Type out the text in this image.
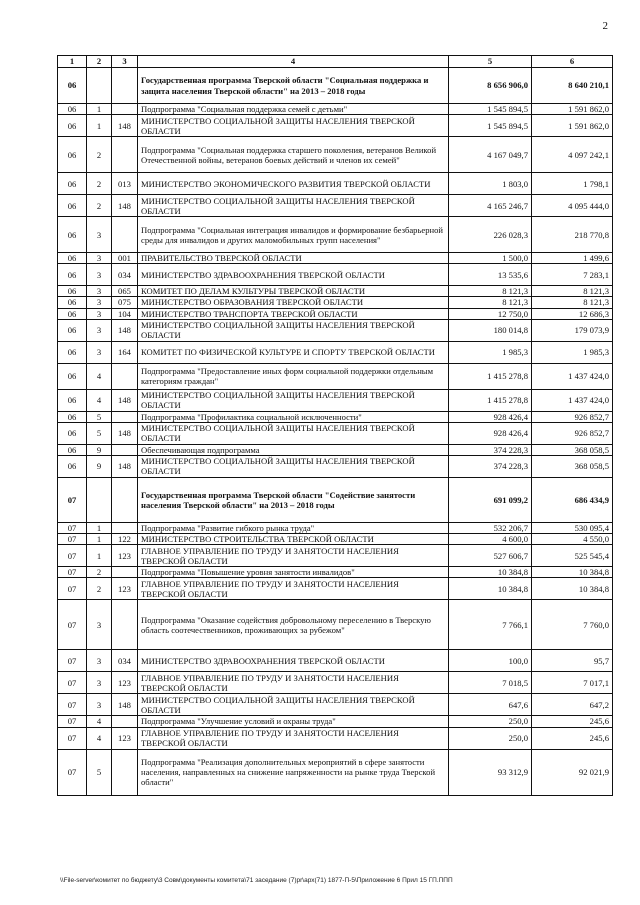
2
1	2	3	4	5	6
06			Государственная программа Тверской области "Социальная поддержка и защита населения Тверской области" на 2013 – 2018 годы	8 656 906,0	8 640 210,1
06	1		Подпрограмма "Социальная поддержка семей с детьми"	1 545 894,5	1 591 862,0
06	1	148	МИНИСТЕРСТВО СОЦИАЛЬНОЙ ЗАЩИТЫ НАСЕЛЕНИЯ ТВЕРСКОЙ ОБЛАСТИ	1 545 894,5	1 591 862,0
06	2		Подпрограмма "Социальная поддержка старшего поколения, ветеранов Великой Отечественной войны, ветеранов боевых действий и членов их семей"	4 167 049,7	4 097 242,1
06	2	013	МИНИСТЕРСТВО ЭКОНОМИЧЕСКОГО РАЗВИТИЯ ТВЕРСКОЙ ОБЛАСТИ	1 803,0	1 798,1
06	2	148	МИНИСТЕРСТВО СОЦИАЛЬНОЙ ЗАЩИТЫ НАСЕЛЕНИЯ ТВЕРСКОЙ ОБЛАСТИ	4 165 246,7	4 095 444,0
06	3		Подпрограмма "Социальная интеграция инвалидов и формирование безбарьерной среды для инвалидов и других маломобильных групп населения"	226 028,3	218 770,8
06	3	001	ПРАВИТЕЛЬСТВО ТВЕРСКОЙ ОБЛАСТИ	1 500,0	1 499,6
06	3	034	МИНИСТЕРСТВО ЗДРАВООХРАНЕНИЯ ТВЕРСКОЙ ОБЛАСТИ	13 535,6	7 283,1
06	3	065	КОМИТЕТ ПО ДЕЛАМ КУЛЬТУРЫ ТВЕРСКОЙ ОБЛАСТИ	8 121,3	8 121,3
06	3	075	МИНИСТЕРСТВО ОБРАЗОВАНИЯ ТВЕРСКОЙ ОБЛАСТИ	8 121,3	8 121,3
06	3	104	МИНИСТЕРСТВО ТРАНСПОРТА ТВЕРСКОЙ ОБЛАСТИ	12 750,0	12 686,3
06	3	148	МИНИСТЕРСТВО СОЦИАЛЬНОЙ ЗАЩИТЫ НАСЕЛЕНИЯ ТВЕРСКОЙ ОБЛАСТИ	180 014,8	179 073,9
06	3	164	КОМИТЕТ ПО ФИЗИЧЕСКОЙ КУЛЬТУРЕ И СПОРТУ ТВЕРСКОЙ ОБЛАСТИ	1 985,3	1 985,3
06	4		Подпрограмма "Предоставление иных форм социальной поддержки отдельным категориям граждан"	1 415 278,8	1 437 424,0
06	4	148	МИНИСТЕРСТВО СОЦИАЛЬНОЙ ЗАЩИТЫ НАСЕЛЕНИЯ ТВЕРСКОЙ ОБЛАСТИ	1 415 278,8	1 437 424,0
06	5		Подпрограмма "Профилактика социальной исключенности"	928 426,4	926 852,7
06	5	148	МИНИСТЕРСТВО СОЦИАЛЬНОЙ ЗАЩИТЫ НАСЕЛЕНИЯ ТВЕРСКОЙ ОБЛАСТИ	928 426,4	926 852,7
06	9		Обеспечивающая подпрограмма	374 228,3	368 058,5
06	9	148	МИНИСТЕРСТВО СОЦИАЛЬНОЙ ЗАЩИТЫ НАСЕЛЕНИЯ ТВЕРСКОЙ ОБЛАСТИ	374 228,3	368 058,5
07			Государственная программа Тверской области "Содействие занятости населения Тверской области" на 2013 – 2018 годы	691 099,2	686 434,9
07	1		Подпрограмма "Развитие гибкого рынка труда"	532 206,7	530 095,4
07	1	122	МИНИСТЕРСТВО СТРОИТЕЛЬСТВА ТВЕРСКОЙ ОБЛАСТИ	4 600,0	4 550,0
07	1	123	ГЛАВНОЕ УПРАВЛЕНИЕ ПО ТРУДУ И ЗАНЯТОСТИ НАСЕЛЕНИЯ ТВЕРСКОЙ ОБЛАСТИ	527 606,7	525 545,4
07	2		Подпрограмма "Повышение уровня занятости инвалидов"	10 384,8	10 384,8
07	2	123	ГЛАВНОЕ УПРАВЛЕНИЕ ПО ТРУДУ И ЗАНЯТОСТИ НАСЕЛЕНИЯ ТВЕРСКОЙ ОБЛАСТИ	10 384,8	10 384,8
07	3		Подпрограмма "Оказание содействия добровольному переселению в Тверскую область соотечественников, проживающих за рубежом"	7 766,1	7 760,0
07	3	034	МИНИСТЕРСТВО ЗДРАВООХРАНЕНИЯ ТВЕРСКОЙ ОБЛАСТИ	100,0	95,7
07	3	123	ГЛАВНОЕ УПРАВЛЕНИЕ ПО ТРУДУ И ЗАНЯТОСТИ НАСЕЛЕНИЯ ТВЕРСКОЙ ОБЛАСТИ	7 018,5	7 017,1
07	3	148	МИНИСТЕРСТВО СОЦИАЛЬНОЙ ЗАЩИТЫ НАСЕЛЕНИЯ ТВЕРСКОЙ ОБЛАСТИ	647,6	647,2
07	4		Подпрограмма "Улучшение условий и охраны труда"	250,0	245,6
07	4	123	ГЛАВНОЕ УПРАВЛЕНИЕ ПО ТРУДУ И ЗАНЯТОСТИ НАСЕЛЕНИЯ ТВЕРСКОЙ ОБЛАСТИ	250,0	245,6
07	5		Подпрограмма "Реализация дополнительных мероприятий в сфере занятости населения, направленных на снижение напряженности на рынке труда Тверской области"	93 312,9	92 021,9
\\File-server\комитет по бюджету\3 Совм\документы комитета\71 заседание (7)pr\арх(71) 1877-П-5\Приложение 6 Прил 15 ГП.ППП
